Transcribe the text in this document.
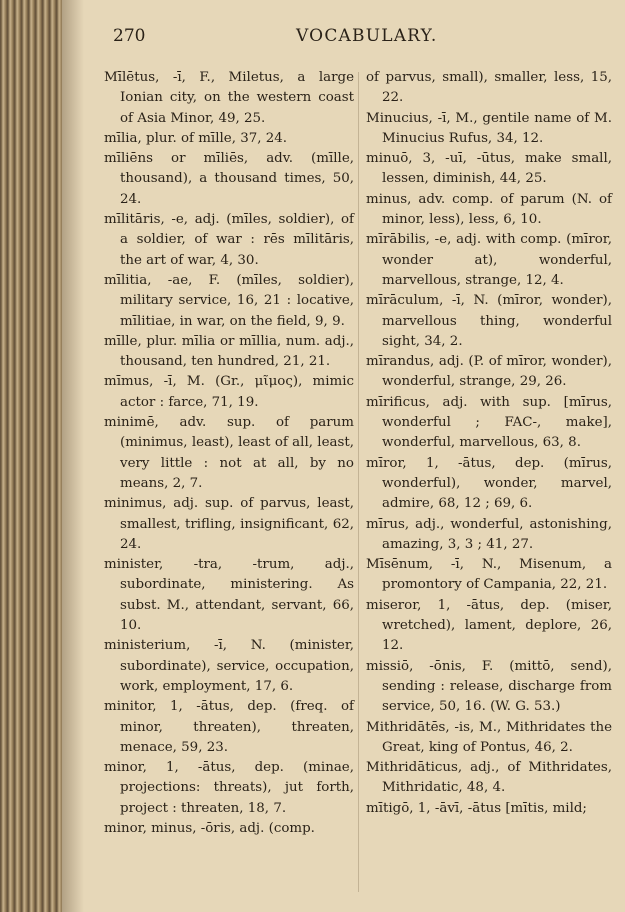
270	VOCABULARY.

Mīlētus, -ī, F., Miletus, a large Ionian city, on the western coast of Asia Minor, 49, 25.

mīlia, plur. of mīlle, 37, 24.

mīliēns or mīliēs, adv. (mīlle, thousand), a thousand times, 50, 24.

mīlitāris, -e, adj. (mīles, soldier), of a soldier, of war : rēs mīlitāris, the art of war, 4, 30.

mīlitia, -ae, F. (mīles, soldier), military service, 16, 21 : locative, mīlitiae, in war, on the field, 9, 9.

mīlle, plur. mīlia or mīllia, num. adj., thousand, ten hundred, 21, 21.

mīmus, -ī, M. (Gr., μῖμος), mimic actor : farce, 71, 19.

minimē, adv. sup. of parum (minimus, least), least of all, least, very little : not at all, by no means, 2, 7.

minimus, adj. sup. of parvus, least, smallest, trifling, insignificant, 62, 24.

minister, -tra, -trum, adj., subordinate, ministering. As subst. M., attendant, servant, 66, 10.

ministerium, -ī, N. (minister, subordinate), service, occupation, work, employment, 17, 6.

minitor, 1, -ātus, dep. (freq. of minor, threaten), threaten, menace, 59, 23.

minor, 1, -ātus, dep. (minae, projections: threats), jut forth, project : threaten, 18, 7.

minor, minus, -ōris, adj. (comp.

of parvus, small), smaller, less, 15, 22.

Minucius, -ī, M., gentile name of M. Minucius Rufus, 34, 12.

minuō, 3, -uī, -ūtus, make small, lessen, diminish, 44, 25.

minus, adv. comp. of parum (N. of minor, less), less, 6, 10.

mīrābilis, -e, adj. with comp. (mīror, wonder at), wonderful, marvellous, strange, 12, 4.

mīrāculum, -ī, N. (mīror, wonder), marvellous thing, wonderful sight, 34, 2.

mīrandus, adj. (P. of mīror, wonder), wonderful, strange, 29, 26.

mīrificus, adj. with sup. [mīrus, wonderful ; FAC-, make], wonderful, marvellous, 63, 8.

mīror, 1, -ātus, dep. (mīrus, wonderful), wonder, marvel, admire, 68, 12 ; 69, 6.

mīrus, adj., wonderful, astonishing, amazing, 3, 3 ; 41, 27.

Mīsēnum, -ī, N., Misenum, a promontory of Campania, 22, 21.

miseror, 1, -ātus, dep. (miser, wretched), lament, deplore, 26, 12.

missiō, -ōnis, F. (mittō, send), sending : release, discharge from service, 50, 16. (W. G. 53.)

Mithridātēs, -is, M., Mithridates the Great, king of Pontus, 46, 2.

Mithridāticus, adj., of Mithridates, Mithridatic, 48, 4.

mītigō, 1, -āvī, -ātus [mītis, mild;
